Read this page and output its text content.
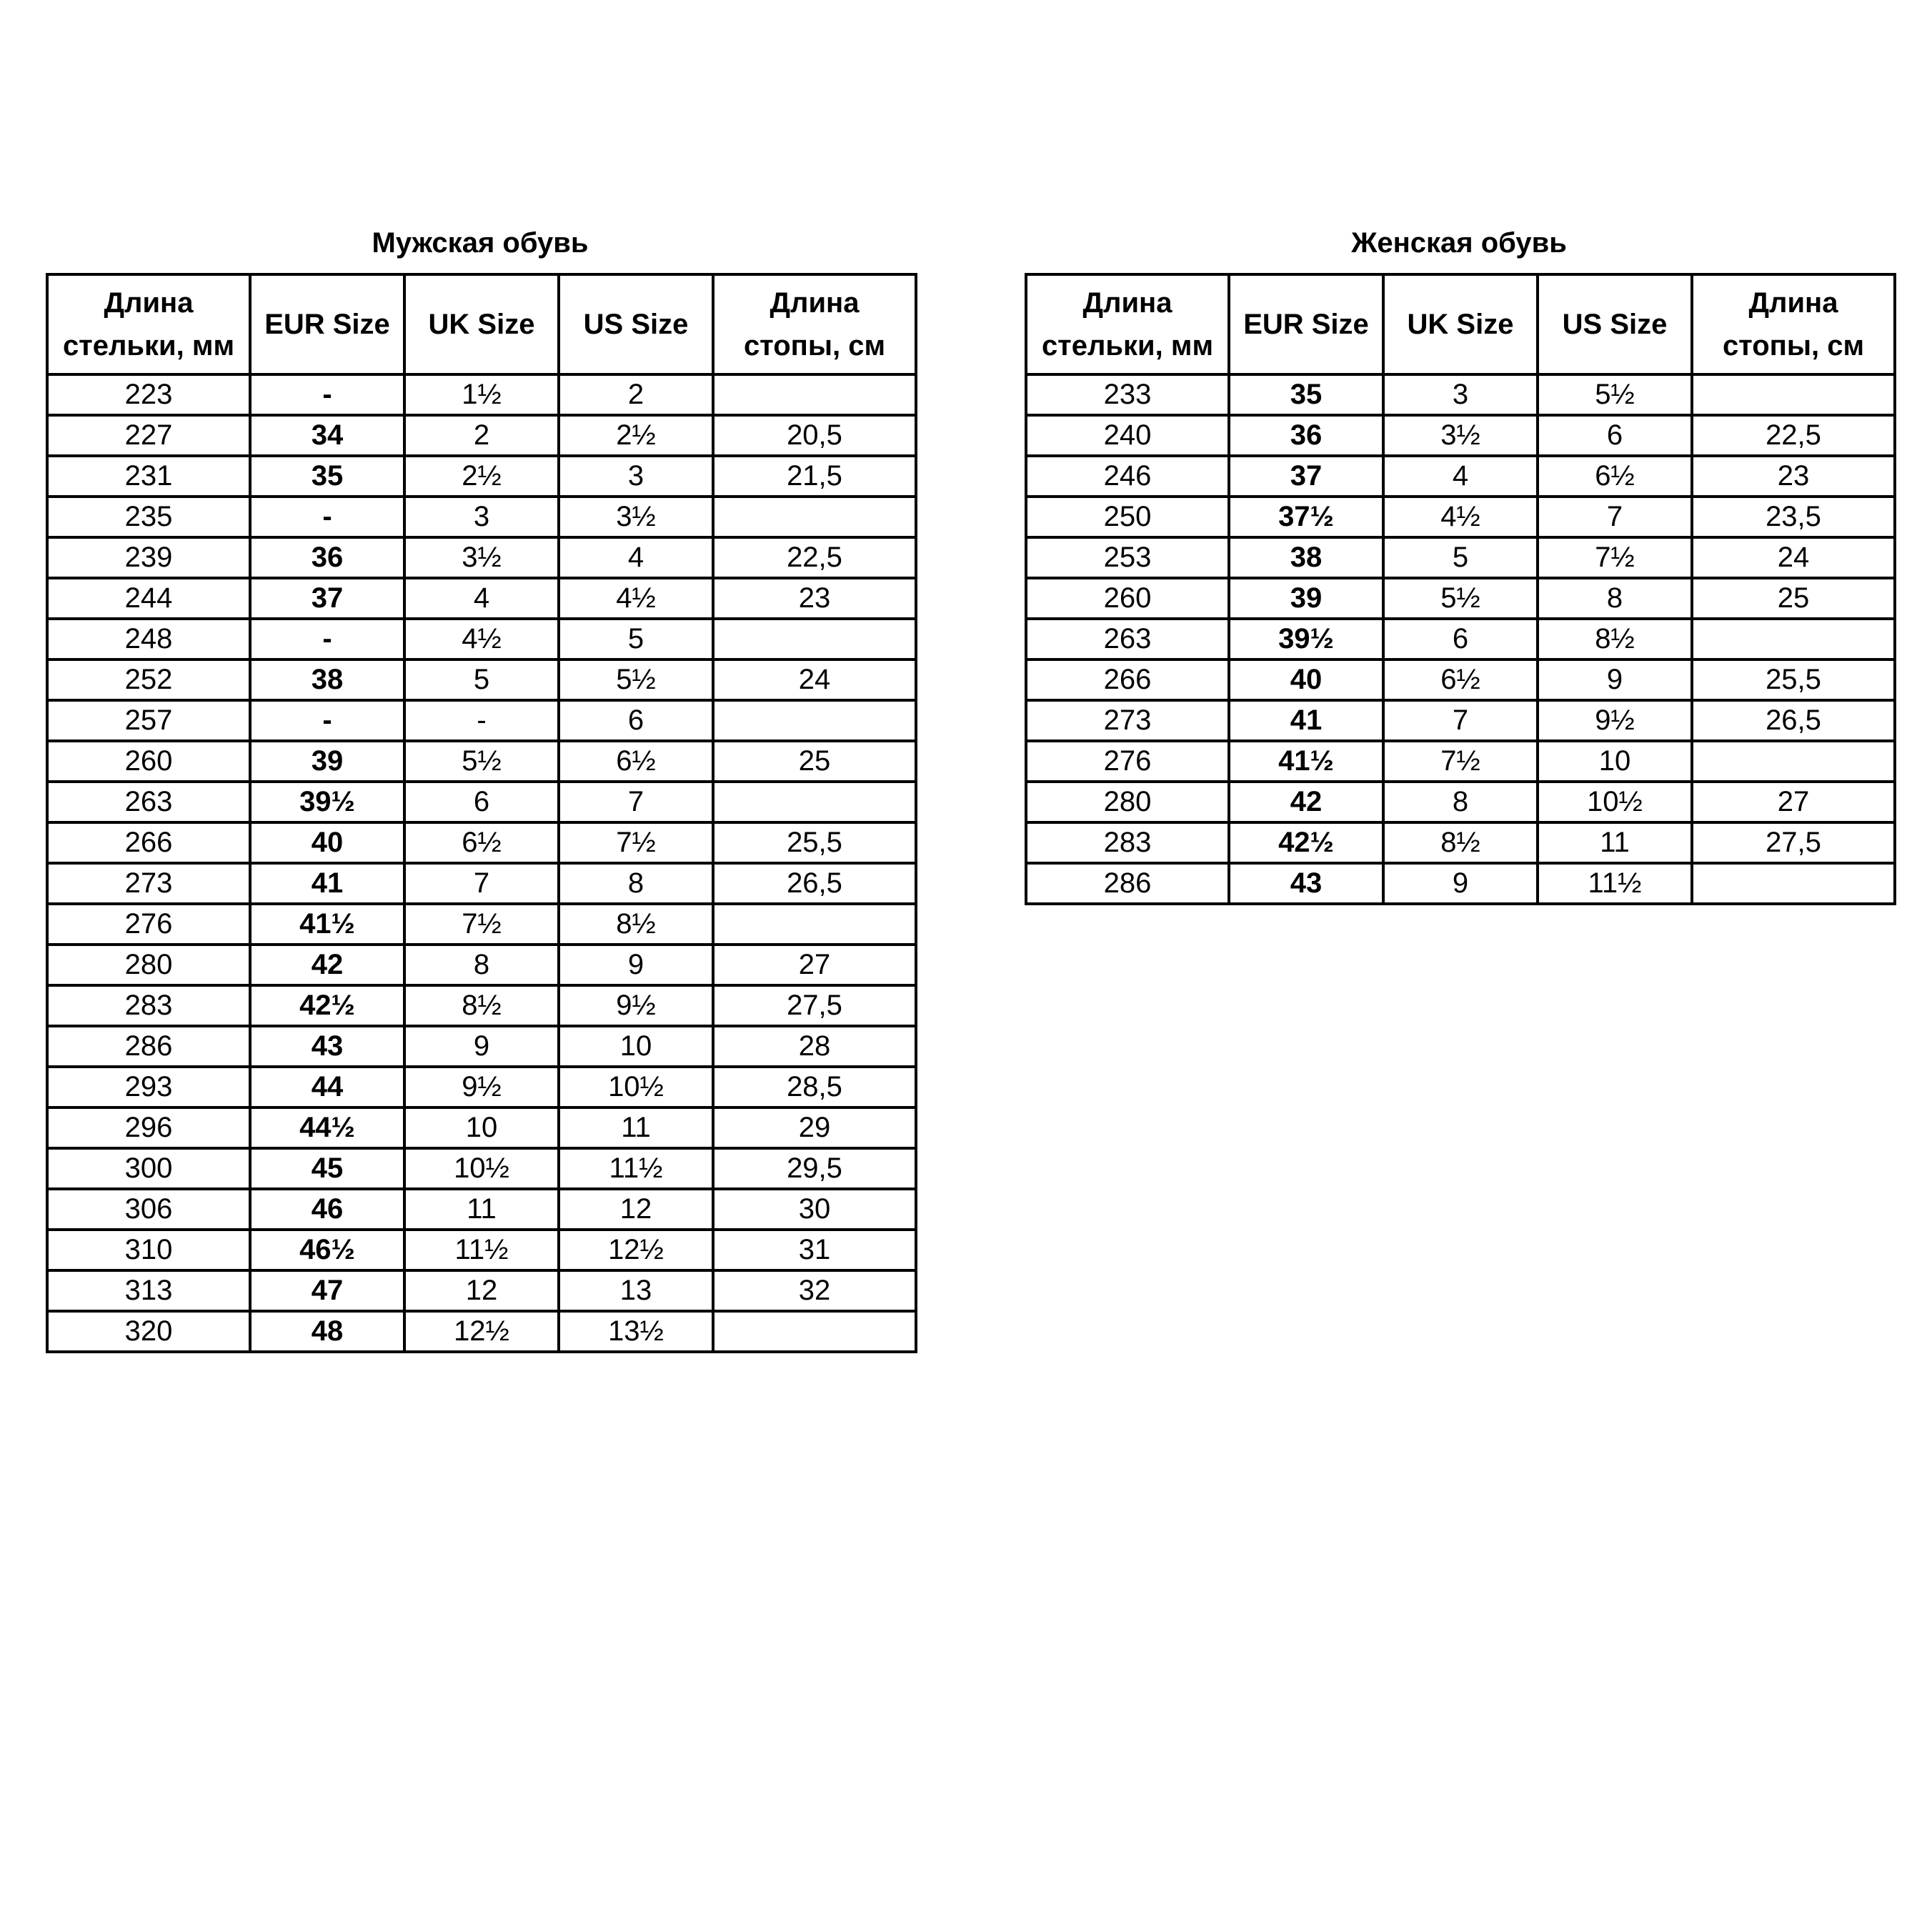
Мужская обувь
Длина
стельки, мм	EUR Size	UK Size	US Size	Длина
стопы, см

223	-	1½	2	
227	34	2	2½	20,5
231	35	2½	3	21,5
235	-	3	3½	
239	36	3½	4	22,5
244	37	4	4½	23
248	-	4½	5	
252	38	5	5½	24
257	-	-	6	
260	39	5½	6½	25
263	39½	6	7	
266	40	6½	7½	25,5
273	41	7	8	26,5
276	41½	7½	8½	
280	42	8	9	27
283	42½	8½	9½	27,5
286	43	9	10	28
293	44	9½	10½	28,5
296	44½	10	11	29
300	45	10½	11½	29,5
306	46	11	12	30
310	46½	11½	12½	31
313	47	12	13	32
320	48	12½	13½	
Женская обувь
Длина
стельки, мм	EUR Size	UK Size	US Size	Длина
стопы, см

233	35	3	5½	
240	36	3½	6	22,5
246	37	4	6½	23
250	37½	4½	7	23,5
253	38	5	7½	24
260	39	5½	8	25
263	39½	6	8½	
266	40	6½	9	25,5
273	41	7	9½	26,5
276	41½	7½	10	
280	42	8	10½	27
283	42½	8½	11	27,5
286	43	9	11½	
